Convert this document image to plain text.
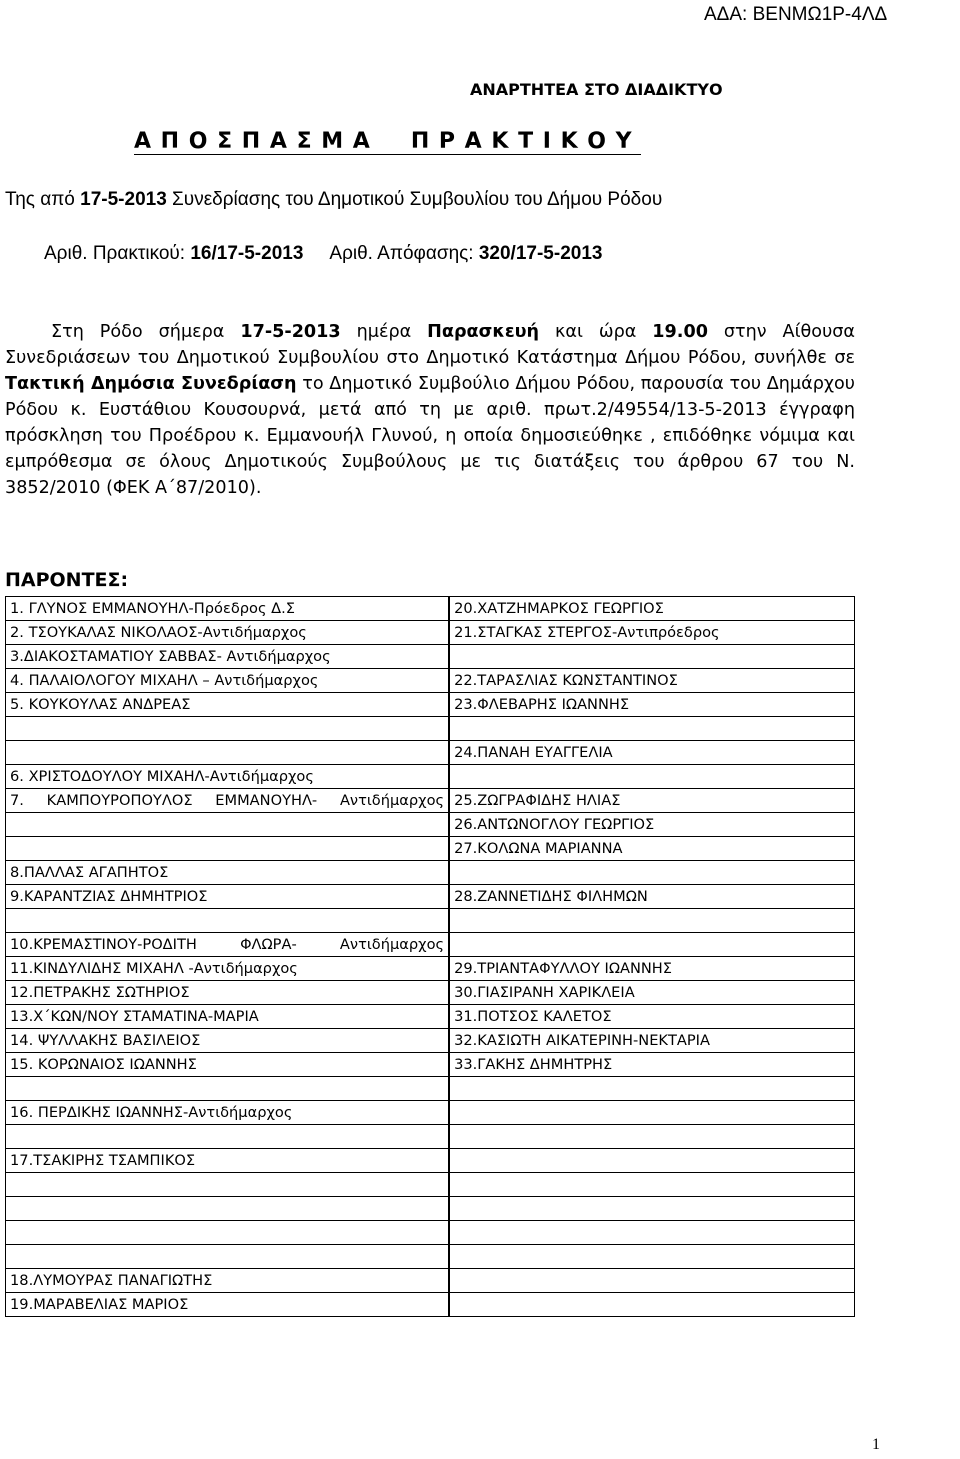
ΑΔΑ: ΒΕΝΜΩ1Ρ-4ΛΔ
ΑΝΑΡΤΗΤΕΑ ΣΤΟ ΔΙΑΔΙΚΤΥΟ
Α Π Ο Σ Π Α Σ Μ Α Π Ρ Α Κ Τ Ι Κ Ο Υ
Της από 17-5-2013 Συνεδρίασης του Δημοτικού Συμβουλίου του Δήμου Ρόδου
Αριθ. Πρακτικού: 16/17-5-2013 Αριθ. Απόφασης: 320/17-5-2013
Στη Ρόδο σήμερα 17-5-2013 ημέρα Παρασκευή και ώρα 19.00 στην Αίθουσα Συνεδριάσεων του Δημοτικού Συμβουλίου στο Δημοτικό Κατάστημα Δήμου Ρόδου, συνήλθε σε Τακτική Δημόσια Συνεδρίαση το Δημοτικό Συμβούλιο Δήμου Ρόδου, παρουσία του Δημάρχου Ρόδου κ. Ευστάθιου Κουσουρνά, μετά από τη με αριθ. πρωτ.2/49554/13-5-2013 έγγραφη πρόσκληση του Προέδρου κ. Εμμανουήλ Γλυνού, η οποία δημοσιεύθηκε , επιδόθηκε νόμιμα και εμπρόθεσμα σε όλους Δημοτικούς Συμβούλους με τις διατάξεις του άρθρου 67 του Ν. 3852/2010 (ΦΕΚ Α΄87/2010).
ΠΑΡΟΝΤΕΣ:
1. ΓΛΥΝΟΣ ΕΜΜΑΝΟΥΗΛ-Πρόεδρος Δ.Σ		20.ΧΑΤΖΗΜΑΡΚΟΣ ΓΕΩΡΓΙΟΣ
2. ΤΣΟΥΚΑΛΑΣ ΝΙΚΟΛΑΟΣ-Αντιδήμαρχος		21.ΣΤΑΓΚΑΣ ΣΤΕΡΓΟΣ-Αντιπρόεδρος
3.ΔΙΑΚΟΣΤΑΜΑΤΙΟΥ ΣΑΒΒΑΣ- Αντιδήμαρχος		
4. ΠΑΛΑΙΟΛΟΓΟΥ ΜΙΧΑΗΛ – Αντιδήμαρχος		22.ΤΑΡΑΣΛΙΑΣ ΚΩΝΣΤΑΝΤΙΝΟΣ
5. ΚΟΥΚΟΥΛΑΣ ΑΝΔΡΕΑΣ		23.ΦΛΕΒΑΡΗΣ ΙΩΑΝΝΗΣ

		24.ΠΑΝΑΗ ΕΥΑΓΓΕΛΙΑ
6. ΧΡΙΣΤΟΔΟΥΛΟΥ ΜΙΧΑΗΛ-Αντιδήμαρχος		
7. ΚΑΜΠΟΥΡΟΠΟΥΛΟΣ ΕΜΜΑΝΟΥΗΛ- Αντιδήμαρχος		25.ΖΩΓΡΑΦΙΔΗΣ ΗΛΙΑΣ
		26.ΑΝΤΩΝΟΓΛΟΥ ΓΕΩΡΓΙΟΣ
		27.ΚΟΛΩΝΑ ΜΑΡΙΑΝΝΑ
8.ΠΑΛΛΑΣ ΑΓΑΠΗΤΟΣ		
9.ΚΑΡΑΝΤΖΙΑΣ ΔΗΜΗΤΡΙΟΣ		28.ΖΑΝΝΕΤΙΔΗΣ ΦΙΛΗΜΩΝ

10.ΚΡΕΜΑΣΤΙΝΟΥ-ΡΟΔΙΤΗ ΦΛΩΡΑ- Αντιδήμαρχος		
11.ΚΙΝΔΥΛΙΔΗΣ ΜΙΧΑΗΛ -Αντιδήμαρχος		29.ΤΡΙΑΝΤΑΦΥΛΛΟΥ ΙΩΑΝΝΗΣ
12.ΠΕΤΡΑΚΗΣ ΣΩΤΗΡΙΟΣ		30.ΓΙΑΣΙΡΑΝΗ ΧΑΡΙΚΛΕΙΑ
13.Χ΄ΚΩΝ/ΝΟΥ ΣΤΑΜΑΤΙΝΑ-ΜΑΡΙΑ		31.ΠΟΤΣΟΣ ΚΑΛΕΤΟΣ
14. ΨΥΛΛΑΚΗΣ ΒΑΣΙΛΕΙΟΣ		32.ΚΑΣΙΩΤΗ ΑΙΚΑΤΕΡΙΝΗ-ΝΕΚΤΑΡΙΑ
15. ΚΟΡΩΝΑΙΟΣ ΙΩΑΝΝΗΣ		33.ΓΑΚΗΣ ΔΗΜΗΤΡΗΣ

16. ΠΕΡΔΙΚΗΣ ΙΩΑΝΝΗΣ-Αντιδήμαρχος		

17.ΤΣΑΚΙΡΗΣ ΤΣΑΜΠΙΚΟΣ		

18.ΛΥΜΟΥΡΑΣ ΠΑΝΑΓΙΩΤΗΣ		
19.ΜΑΡΑΒΕΛΙΑΣ ΜΑΡΙΟΣ		
1
